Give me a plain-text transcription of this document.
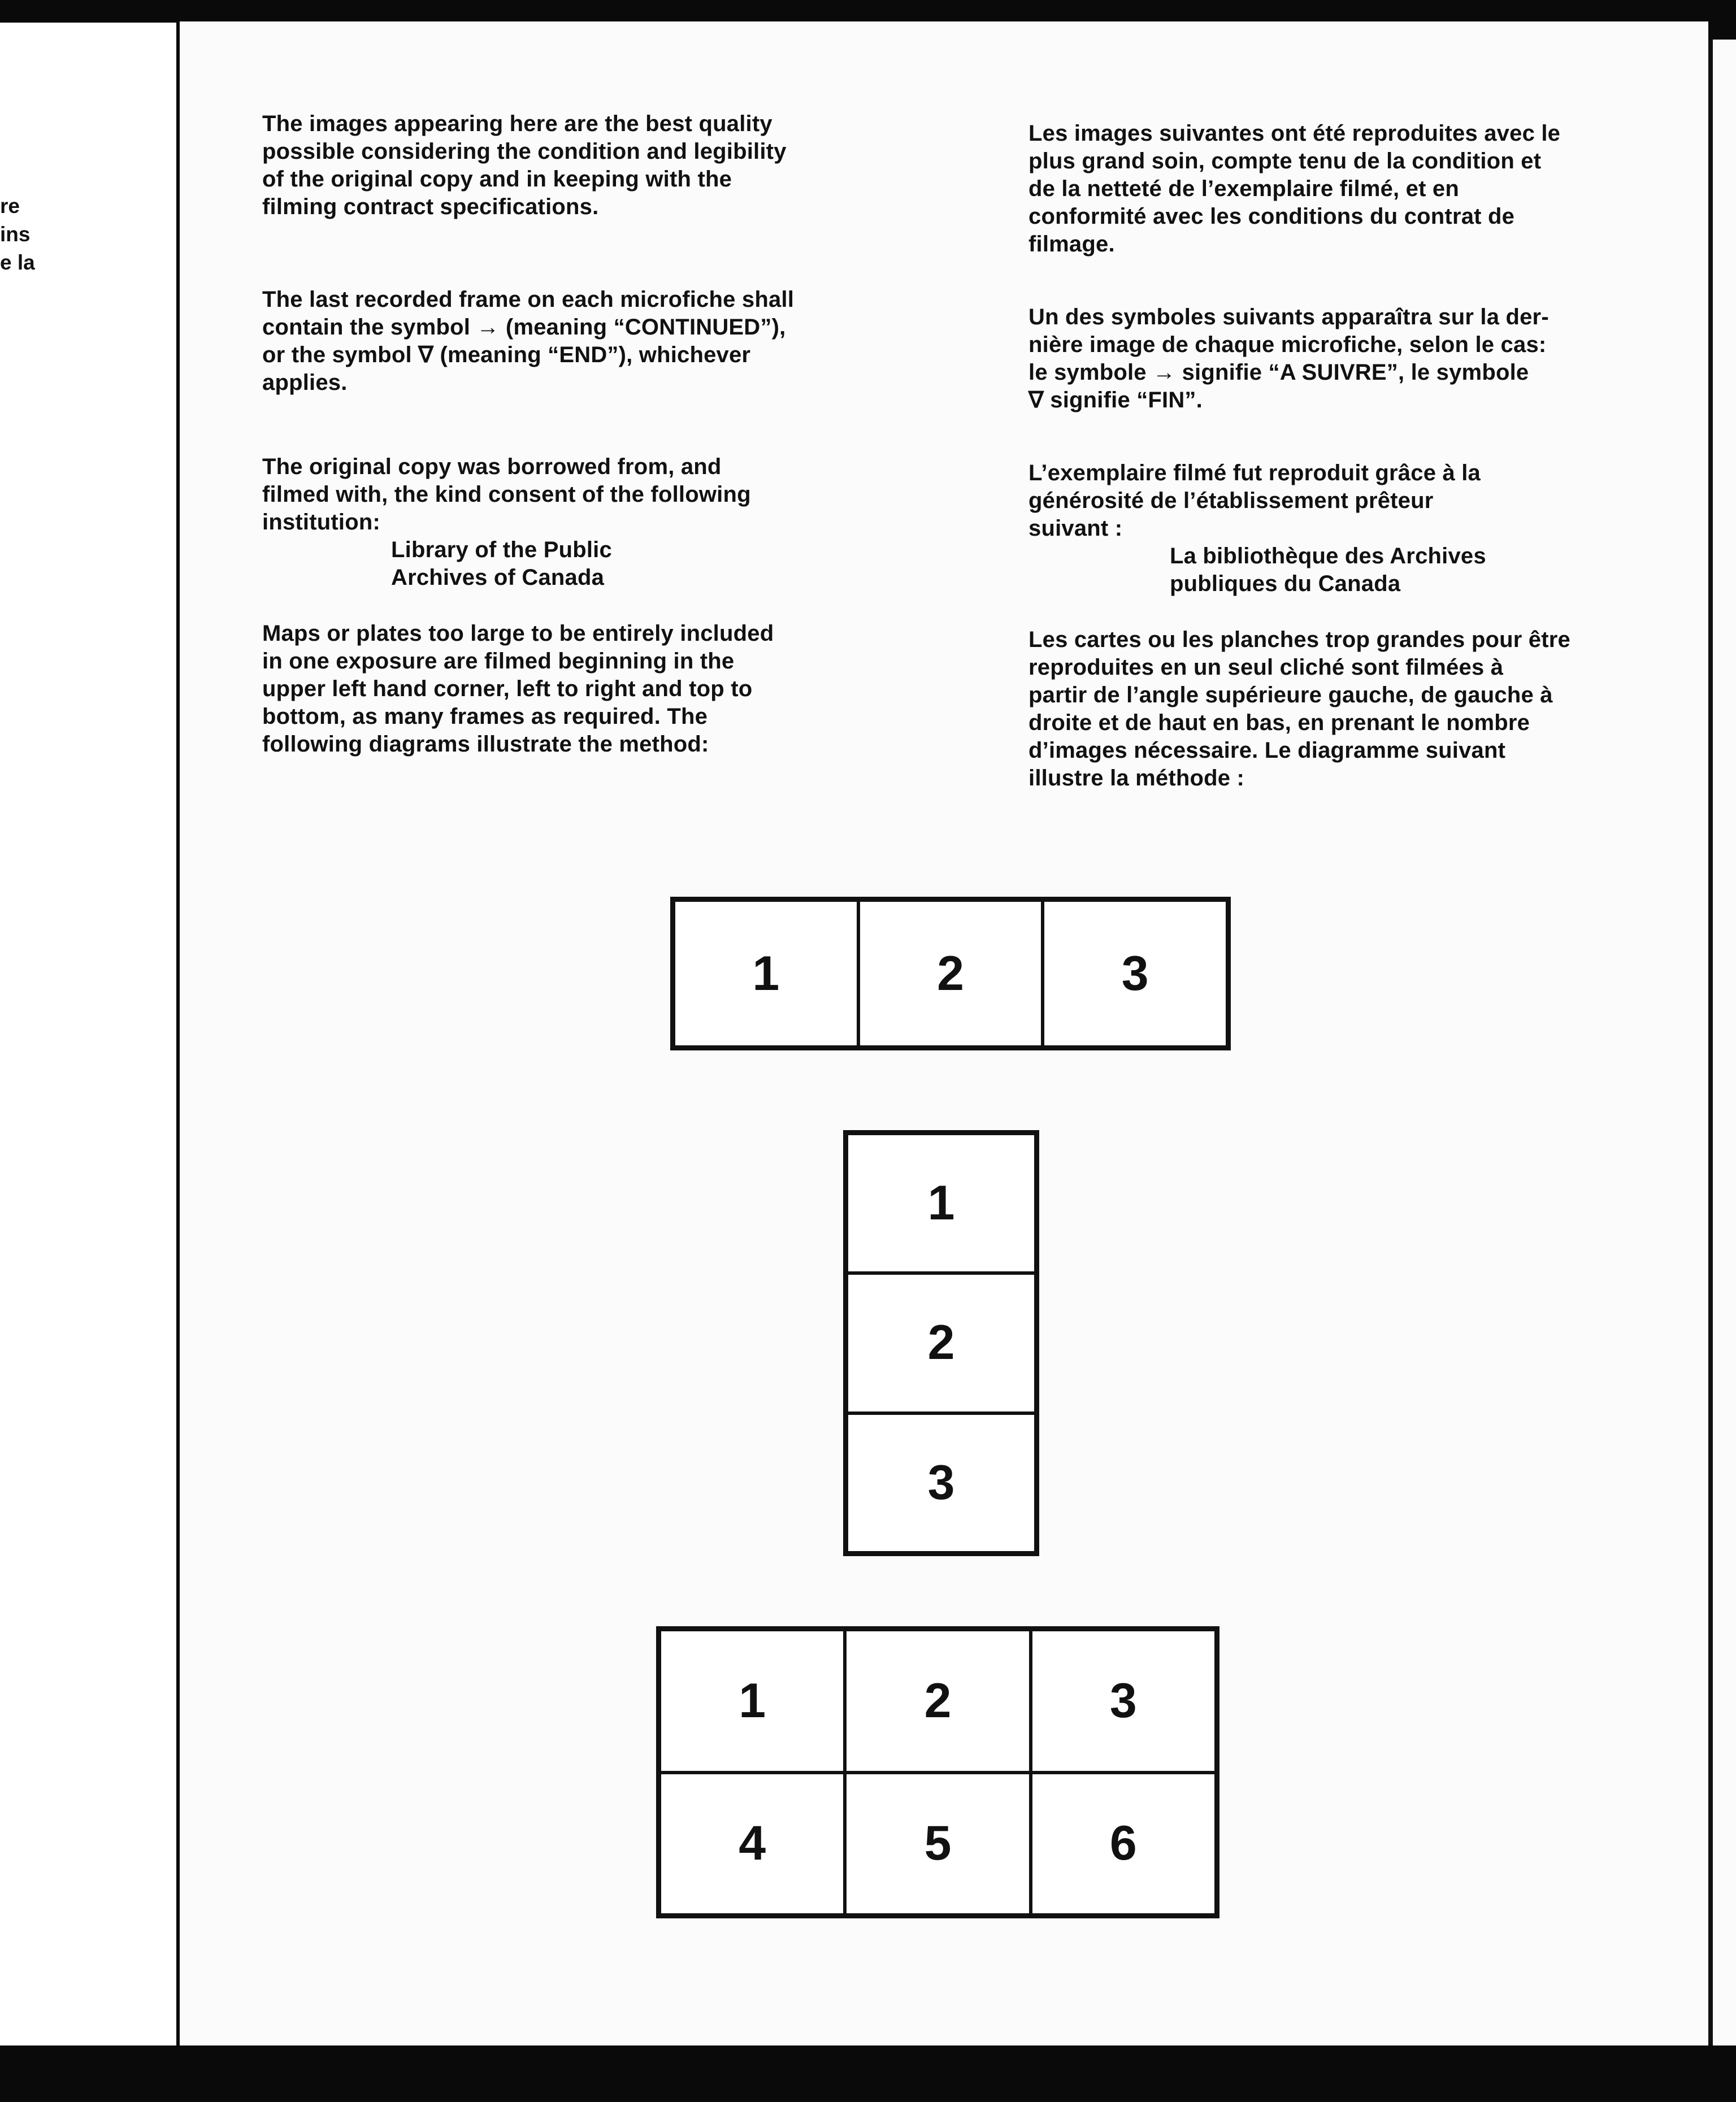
re
ins
e la

The images appearing here are the best quality

possible considering the condition and legibility

of the original copy and in keeping with the

filming contract specifications.

The last recorded frame on each microfiche shall

contain the symbol → (meaning “CONTINUED”),

or the symbol ∇ (meaning “END”), whichever

applies.

The original copy was borrowed from, and

filmed with, the kind consent of the following

institution:

Library of the Public

Archives of Canada

Maps or plates too large to be entirely included

in one exposure are filmed beginning in the

upper left hand corner, left to right and top to

bottom, as many frames as required. The

following diagrams illustrate the method:

Les images suivantes ont été reproduites avec le

plus grand soin, compte tenu de la condition et

de la netteté de l’exemplaire filmé, et en

conformité avec les conditions du contrat de

filmage.

Un des symboles suivants apparaîtra sur la der-

nière image de chaque microfiche, selon le cas:

le symbole → signifie “A SUIVRE”, le symbole

∇ signifie “FIN”.

L’exemplaire filmé fut reproduit grâce à la

générosité de l’établissement prêteur

suivant :

La bibliothèque des Archives

publiques du Canada

Les cartes ou les planches trop grandes pour être

reproduites en un seul cliché sont filmées à

partir de l’angle supérieure gauche, de gauche à

droite et de haut en bas, en prenant le nombre

d’images nécessaire. Le diagramme suivant

illustre la méthode :

1	2	3
1
2
3
1	2	3
4	5	6
